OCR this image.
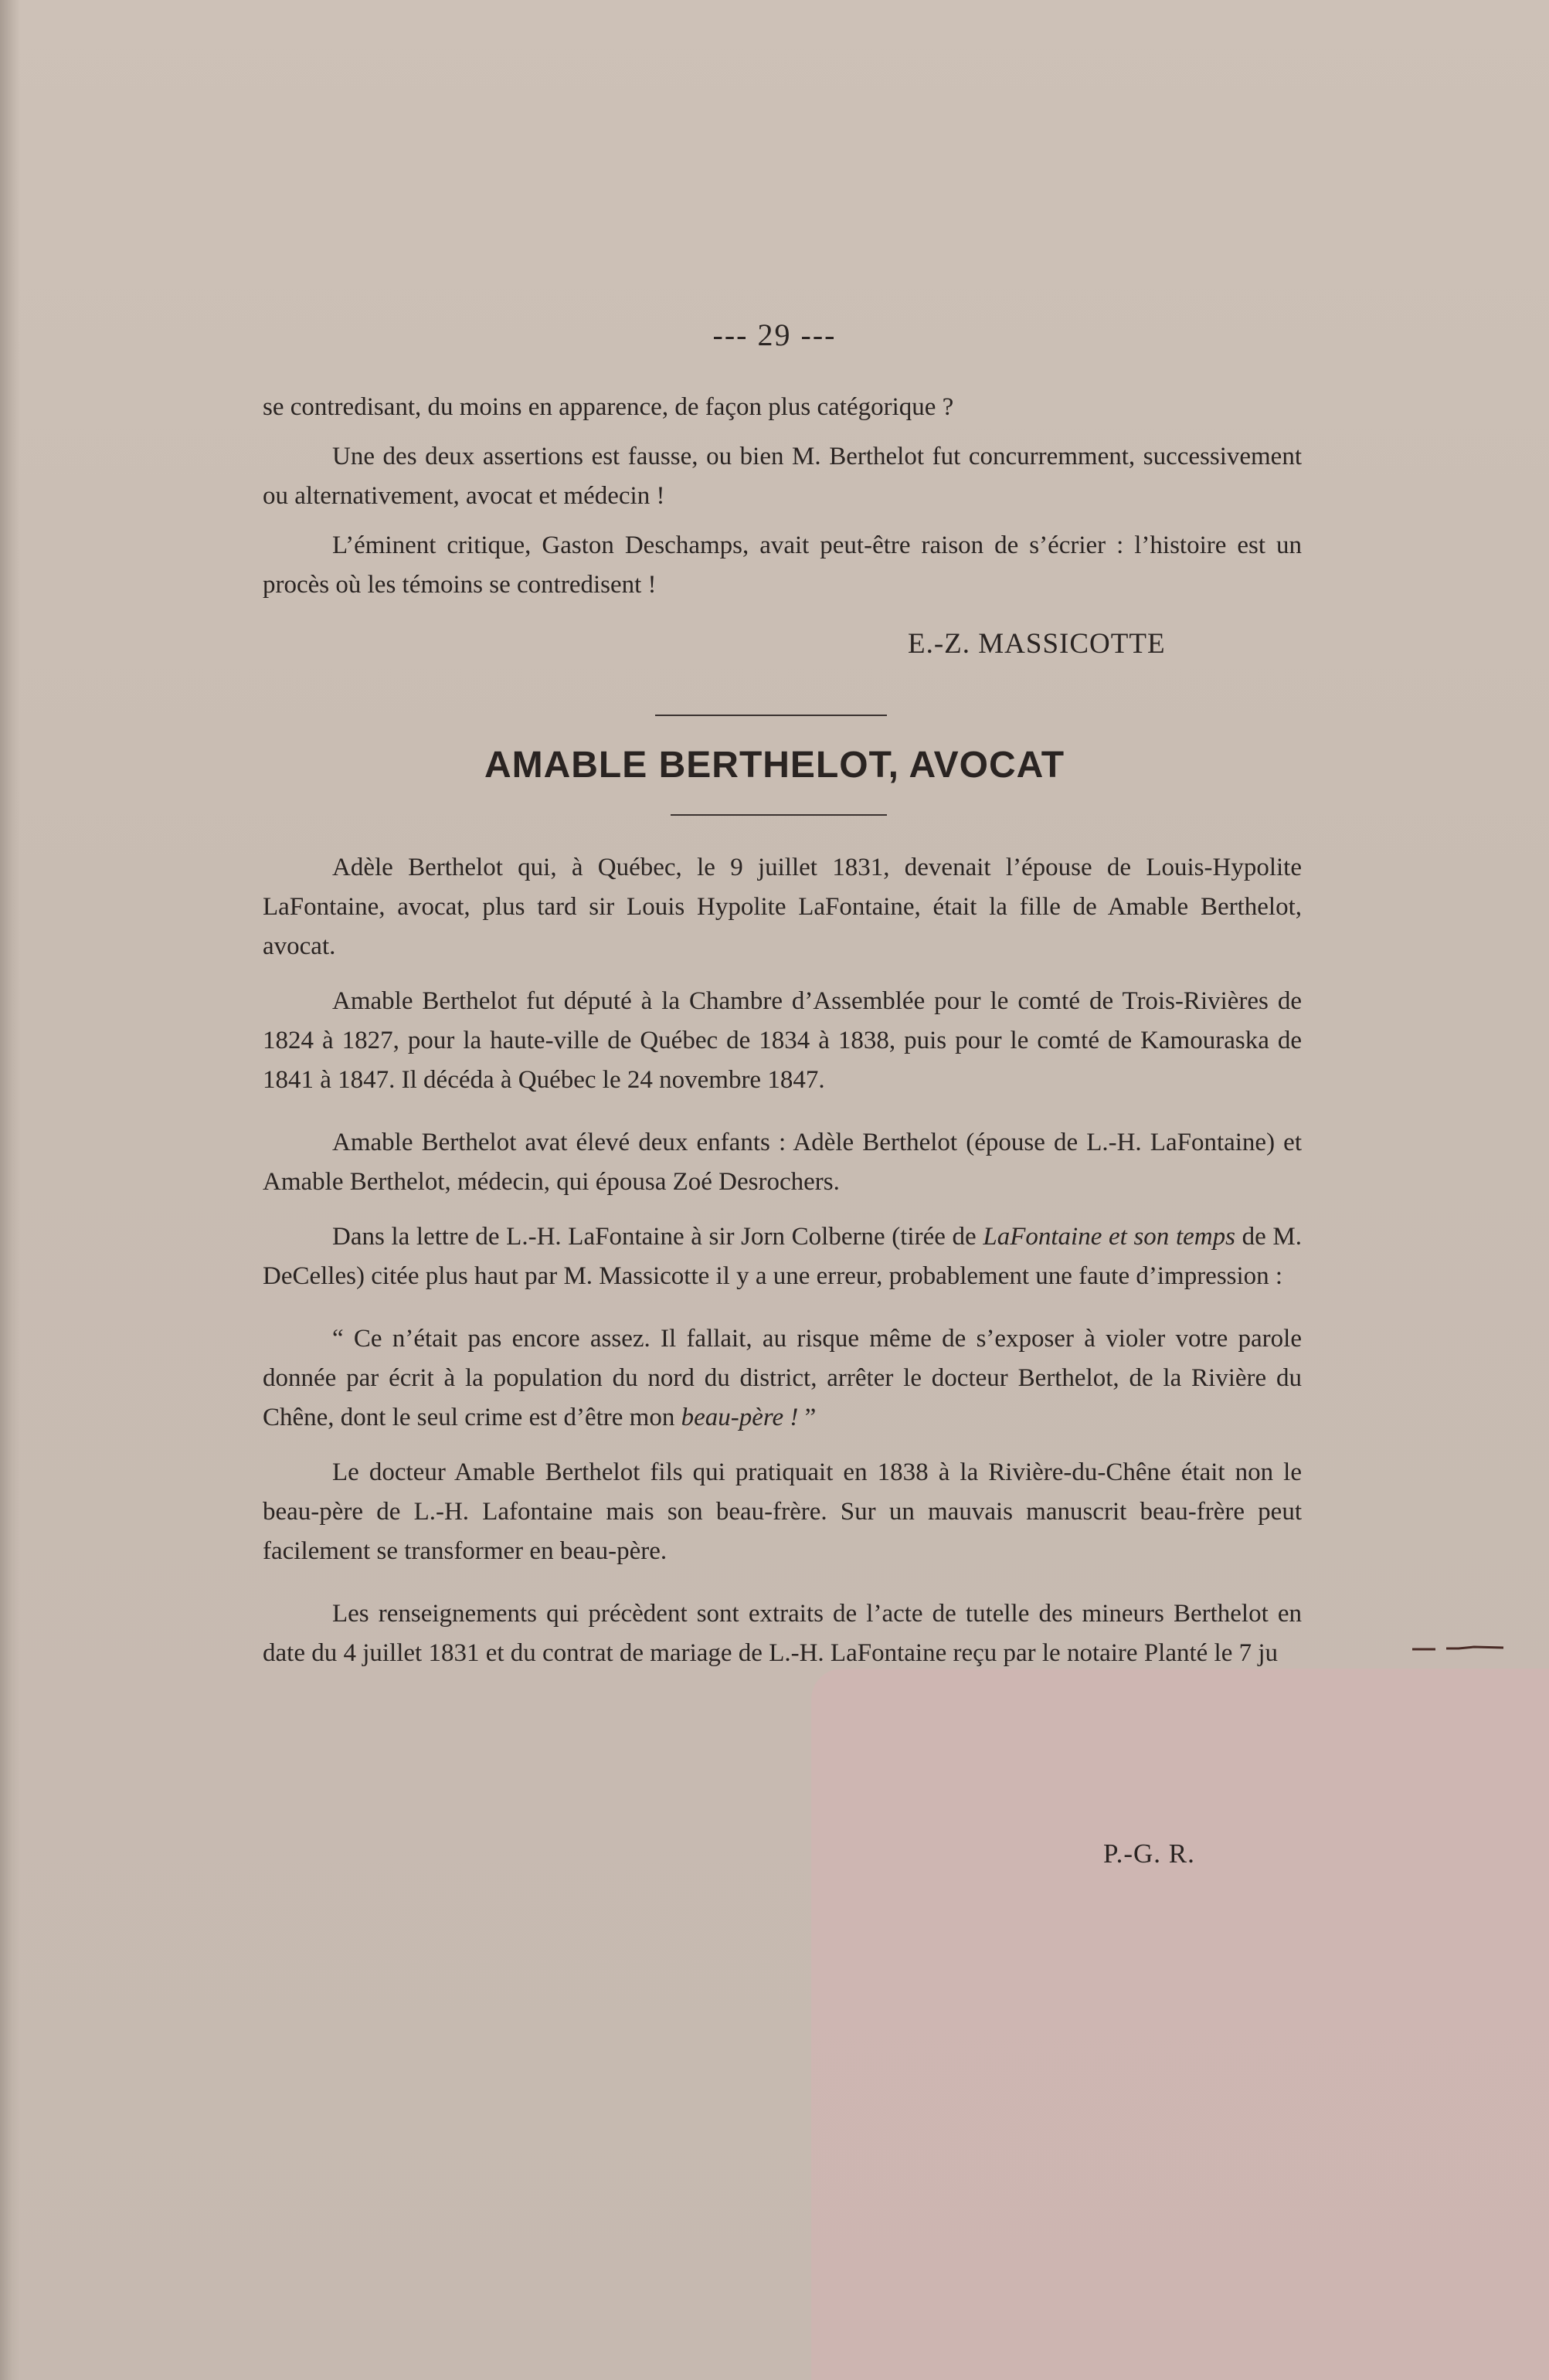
--- 29 ---

se contredisant, du moins en apparence, de façon plus catégorique ?

Une des deux assertions est fausse, ou bien M. Berthelot fut concurremment, successivement ou alternativement, avocat et médecin !

L’éminent critique, Gaston Deschamps, avait peut-être raison de s’écrier : l’histoire est un procès où les témoins se contredisent !

E.-Z. MASSICOTTE
AMABLE BERTHELOT, AVOCAT

Adèle Berthelot qui, à Québec, le 9 juillet 1831, devenait l’épouse de Louis-Hypolite LaFontaine, avocat, plus tard sir Louis Hypolite LaFontaine, était la fille de Amable Berthelot, avocat.

Amable Berthelot fut député à la Chambre d’Assemblée pour le comté de Trois-Rivières de 1824 à 1827, pour la haute-ville de Québec de 1834 à 1838, puis pour le comté de Kamouraska de 1841 à 1847. Il décéda à Québec le 24 novembre 1847.

Amable Berthelot avat élevé deux enfants : Adèle Berthelot (épouse de L.-H. LaFontaine) et Amable Berthelot, médecin, qui épousa Zoé Desrochers.

Dans la lettre de L.-H. LaFontaine à sir Jorn Colberne (tirée de LaFontaine et son temps de M. DeCelles) citée plus haut par M. Massicotte il y a une erreur, probablement une faute d’impression :

“ Ce n’était pas encore assez. Il fallait, au risque même de s’exposer à violer votre parole donnée par écrit à la population du nord du district, arrêter le docteur Berthelot, de la Rivière du Chêne, dont le seul crime est d’être mon beau-père ! ”

Le docteur Amable Berthelot fils qui pratiquait en 1838 à la Rivière-du-Chêne était non le beau-père de L.-H. Lafontaine mais son beau-frère. Sur un mauvais manuscrit beau-frère peut facilement se transformer en beau-père.

Les renseignements qui précèdent sont extraits de l’acte de tutelle des mineurs Berthelot en date du 4 juillet 1831 et du contrat de mariage de L.-H. LaFontaine reçu par le notaire Planté le 7 ju

P.-G. R.
